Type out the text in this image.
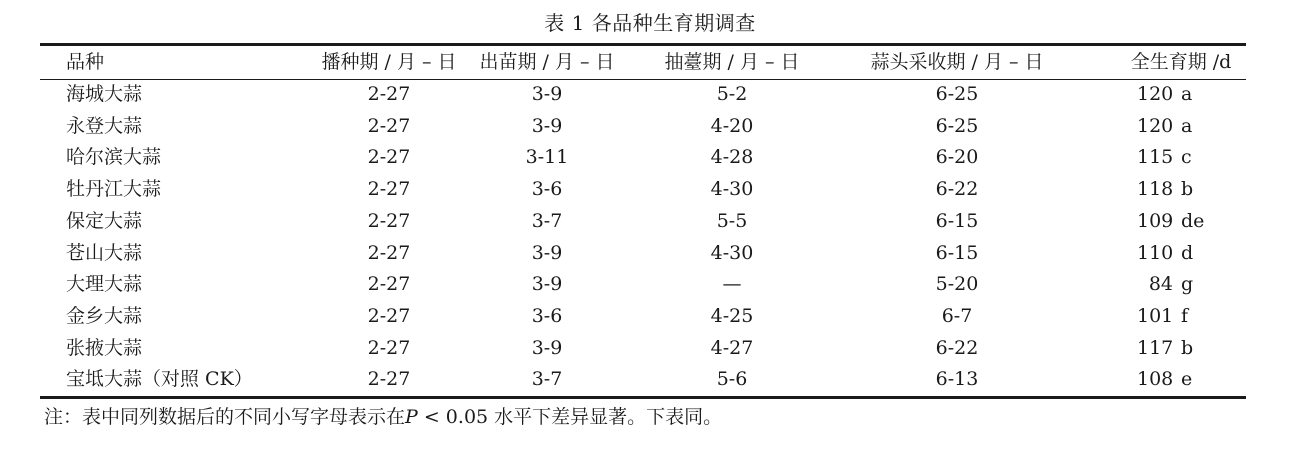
表 1 各品种生育期调查
品种	播种期 / 月 – 日	出苗期 / 月 – 日	抽薹期 / 月 – 日	蒜头采收期 / 月 – 日	全生育期 /d
海城大蒜	2-27	3-9	5-2	6-25	120 a
永登大蒜	2-27	3-9	4-20	6-25	120 a
哈尔滨大蒜	2-27	3-11	4-28	6-20	115 c
牡丹江大蒜	2-27	3-6	4-30	6-22	118 b
保定大蒜	2-27	3-7	5-5	6-15	109 de
苍山大蒜	2-27	3-9	4-30	6-15	110 d
大理大蒜	2-27	3-9	—	5-20	84 g
金乡大蒜	2-27	3-6	4-25	6-7	101 f
张掖大蒜	2-27	3-9	4-27	6-22	117 b
宝坻大蒜（对照 CK）	2-27	3-7	5-6	6-13	108 e
注：表中同列数据后的不同小写字母表示在P < 0.05 水平下差异显著。下表同。
